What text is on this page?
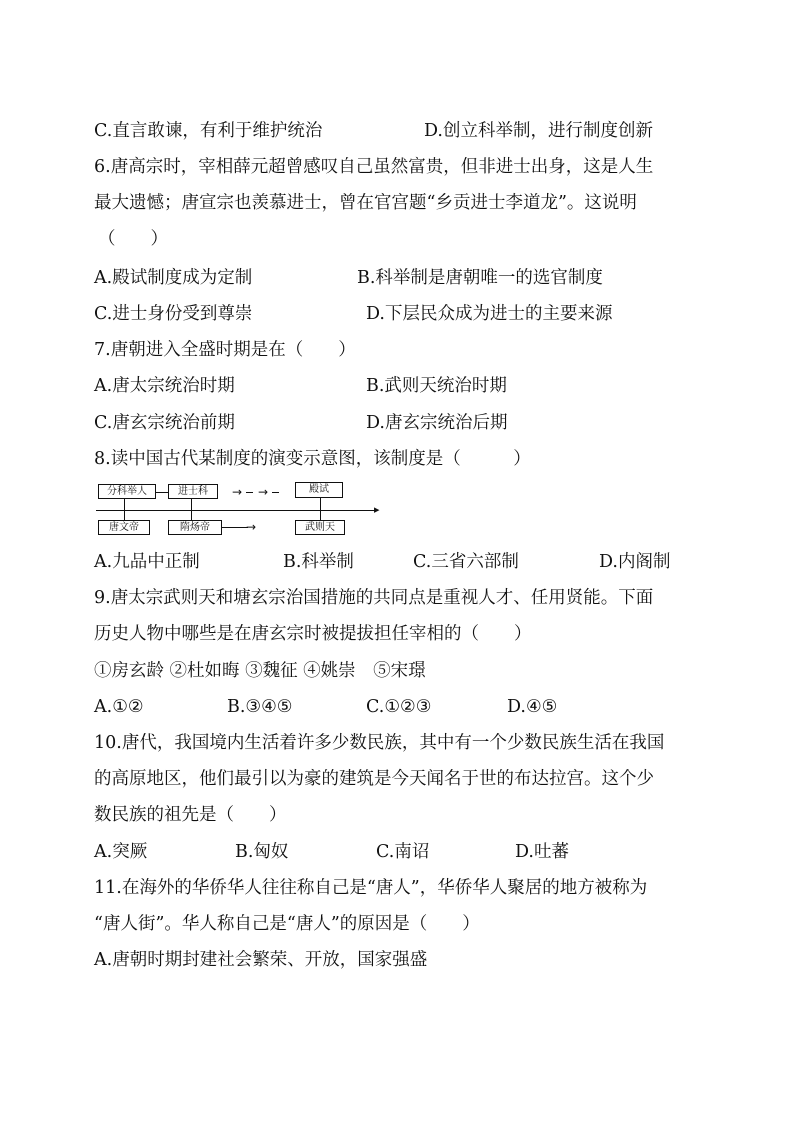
C.直言敢谏，有利于维护统治	D.创立科举制，进行制度创新
6.唐高宗时，宰相薛元超曾感叹自己虽然富贵，但非进士出身，这是人生
最大遗憾；唐宣宗也羡慕进士，曾在官宫题“乡贡进士李道龙”。这说明
（　　）
A.殿试制度成为定制	B.科举制是唐朝唯一的选官制度
C.进士身份受到尊崇	D.下层民众成为进士的主要来源
7.唐朝进入全盛时期是在（　　）
A.唐太宗统治时期	B.武则天统治时期
C.唐玄宗统治前期	D.唐玄宗统治后期
8.读中国古代某制度的演变示意图，该制度是（　　　）
分科举人	进士科	→ →	殿试
▸
唐文帝	隋炀帝	→	武则天
A.九品中正制	B.科举制	C.三省六部制	D.内阁制
9.唐太宗武则天和塘玄宗治国措施的共同点是重视人才、任用贤能。下面
历史人物中哪些是在唐玄宗时被提拔担任宰相的（　　）
①房玄龄 ②杜如晦 ③魏征 ④姚崇　⑤宋璟
A.①②	B.③④⑤	C.①②③	D.④⑤
10.唐代，我国境内生活着许多少数民族，其中有一个少数民族生活在我国
的高原地区，他们最引以为豪的建筑是今天闻名于世的布达拉宫。这个少
数民族的祖先是（　　）
A.突厥	B.匈奴	C.南诏	D.吐蕃
11.在海外的华侨华人往往称自己是“唐人”，华侨华人聚居的地方被称为
“唐人街”。华人称自己是“唐人”的原因是（　　）
A.唐朝时期封建社会繁荣、开放，国家强盛
